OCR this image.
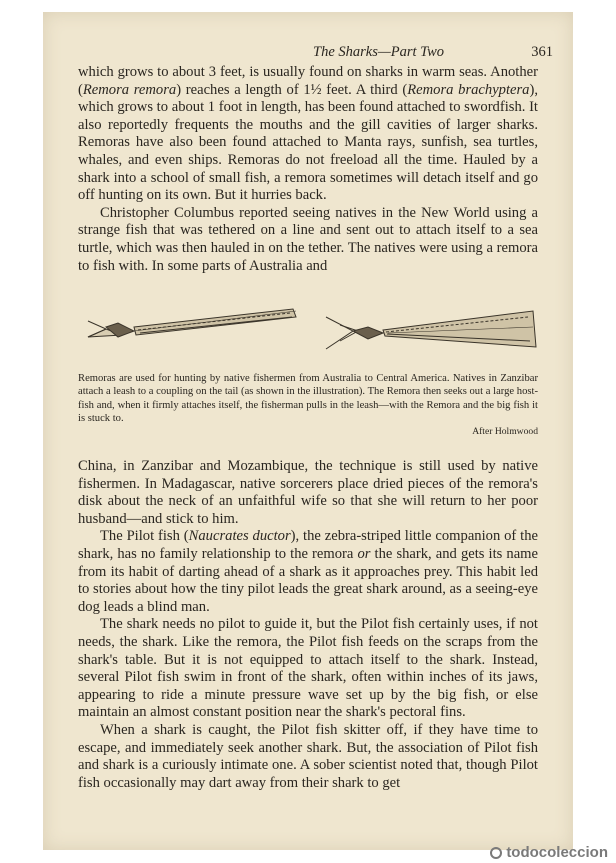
The Sharks—Part Two	361

which grows to about 3 feet, is usually found on sharks in warm seas. Another (Remora remora) reaches a length of 1½ feet. A third (Remora brachyptera), which grows to about 1 foot in length, has been found attached to swordfish. It also reportedly frequents the mouths and the gill cavities of larger sharks. Remoras have also been found attached to Manta rays, sunfish, sea turtles, whales, and even ships. Remoras do not freeload all the time. Hauled by a shark into a school of small fish, a remora sometimes will detach itself and go off hunting on its own. But it hurries back.

Christopher Columbus reported seeing natives in the New World using a strange fish that was tethered on a line and sent out to attach itself to a sea turtle, which was then hauled in on the tether. The natives were using a remora to fish with. In some parts of Australia and

Remoras are used for hunting by native fishermen from Australia to Central America. Natives in Zanzibar attach a leash to a coupling on the tail (as shown in the illustration). The Remora then seeks out a large host-fish and, when it firmly attaches itself, the fisherman pulls in the leash—with the Remora and the big fish it is stuck to.
After Holmwood

China, in Zanzibar and Mozambique, the technique is still used by native fishermen. In Madagascar, native sorcerers place dried pieces of the remora's disk about the neck of an unfaithful wife so that she will return to her poor husband—and stick to him.

The Pilot fish (Naucrates ductor), the zebra-striped little companion of the shark, has no family relationship to the remora or the shark, and gets its name from its habit of darting ahead of a shark as it approaches prey. This habit led to stories about how the tiny pilot leads the great shark around, as a seeing-eye dog leads a blind man.

The shark needs no pilot to guide it, but the Pilot fish certainly uses, if not needs, the shark. Like the remora, the Pilot fish feeds on the scraps from the shark's table. But it is not equipped to attach itself to the shark. Instead, several Pilot fish swim in front of the shark, often within inches of its jaws, appearing to ride a minute pressure wave set up by the big fish, or else maintain an almost constant position near the shark's pectoral fins.

When a shark is caught, the Pilot fish skitter off, if they have time to escape, and immediately seek another shark. But, the association of Pilot fish and shark is a curiously intimate one. A sober scientist noted that, though Pilot fish occasionally may dart away from their shark to get

todocoleccion
